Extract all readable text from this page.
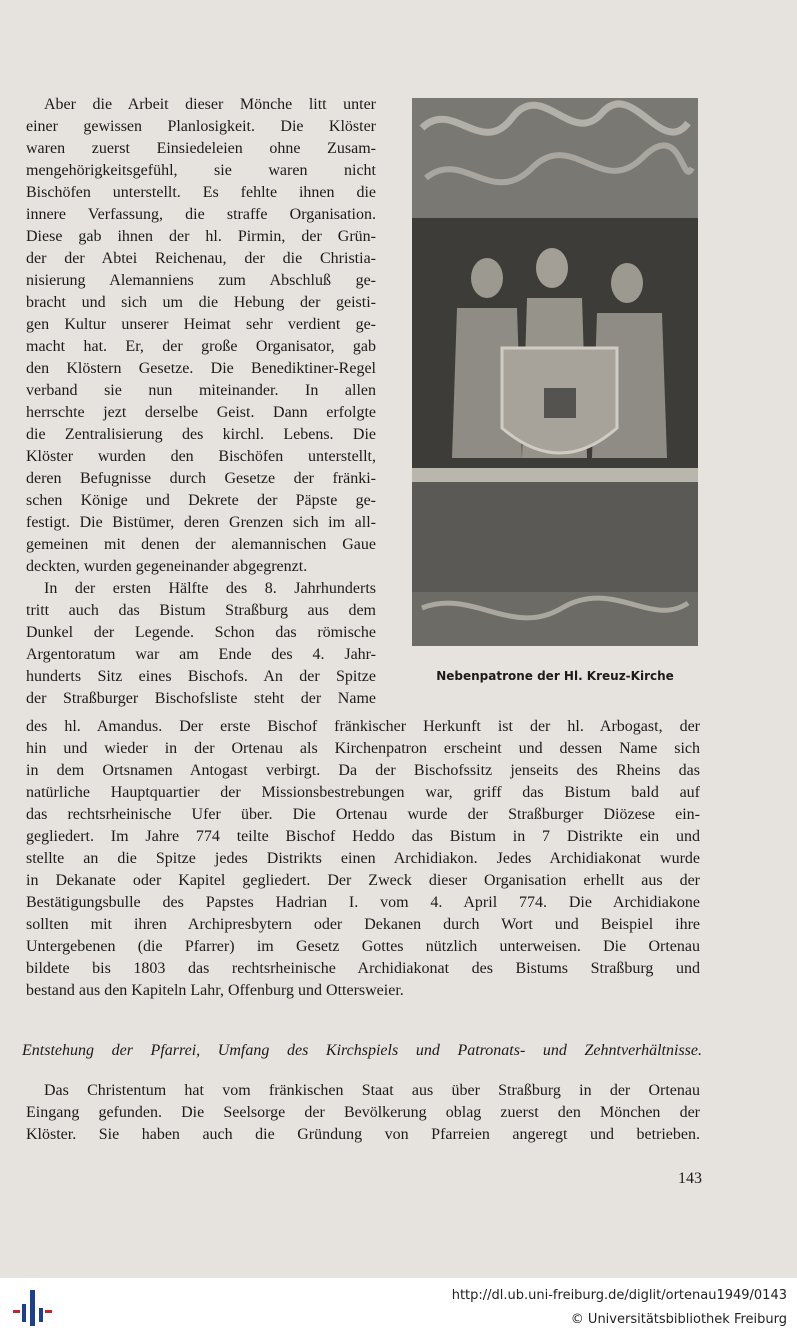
Aber die Arbeit dieser Mönche litt unter
einer gewissen Planlosigkeit. Die Klöster
waren zuerst Einsiedeleien ohne Zusam-
mengehörigkeitsgefühl, sie waren nicht
Bischöfen unterstellt. Es fehlte ihnen die
innere Verfassung, die straffe Organisation.
Diese gab ihnen der hl. Pirmin, der Grün-
der der Abtei Reichenau, der die Christia-
nisierung Alemanniens zum Abschluß ge-
bracht und sich um die Hebung der geisti-
gen Kultur unserer Heimat sehr verdient ge-
macht hat. Er, der große Organisator, gab
den Klöstern Gesetze. Die Benediktiner-Regel
verband sie nun miteinander. In allen
herrschte jezt derselbe Geist. Dann erfolgte
die Zentralisierung des kirchl. Lebens. Die
Klöster wurden den Bischöfen unterstellt,
deren Befugnisse durch Gesetze der fränki-
schen Könige und Dekrete der Päpste ge-
festigt. Die Bistümer, deren Grenzen sich im all-
gemeinen mit denen der alemannischen Gaue
deckten, wurden gegeneinander abgegrenzt.
In der ersten Hälfte des 8. Jahrhunderts
tritt auch das Bistum Straßburg aus dem
Dunkel der Legende. Schon das römische
Argentoratum war am Ende des 4. Jahr-
hunderts Sitz eines Bischofs. An der Spitze
der Straßburger Bischofsliste steht der Name
Nebenpatrone der Hl. Kreuz-Kirche
des hl. Amandus. Der erste Bischof fränkischer Herkunft ist der hl. Arbogast, der
hin und wieder in der Ortenau als Kirchenpatron erscheint und dessen Name sich
in dem Ortsnamen Antogast verbirgt. Da der Bischofssitz jenseits des Rheins das
natürliche Hauptquartier der Missionsbestrebungen war, griff das Bistum bald auf
das rechtsrheinische Ufer über. Die Ortenau wurde der Straßburger Diözese ein-
gegliedert. Im Jahre 774 teilte Bischof Heddo das Bistum in 7 Distrikte ein und
stellte an die Spitze jedes Distrikts einen Archidiakon. Jedes Archidiakonat wurde
in Dekanate oder Kapitel gegliedert. Der Zweck dieser Organisation erhellt aus der
Bestätigungsbulle des Papstes Hadrian I. vom 4. April 774. Die Archidiakone
sollten mit ihren Archipresbytern oder Dekanen durch Wort und Beispiel ihre
Untergebenen (die Pfarrer) im Gesetz Gottes nützlich unterweisen. Die Ortenau
bildete bis 1803 das rechtsrheinische Archidiakonat des Bistums Straßburg und
bestand aus den Kapiteln Lahr, Offenburg und Ottersweier.
Entstehung der Pfarrei, Umfang des Kirchspiels und Patronats- und Zehntverhältnisse.
Das Christentum hat vom fränkischen Staat aus über Straßburg in der Ortenau
Eingang gefunden. Die Seelsorge der Bevölkerung oblag zuerst den Mönchen der
Klöster. Sie haben auch die Gründung von Pfarreien angeregt und betrieben.
143
http://dl.ub.uni-freiburg.de/diglit/ortenau1949/0143
© Universitätsbibliothek Freiburg
